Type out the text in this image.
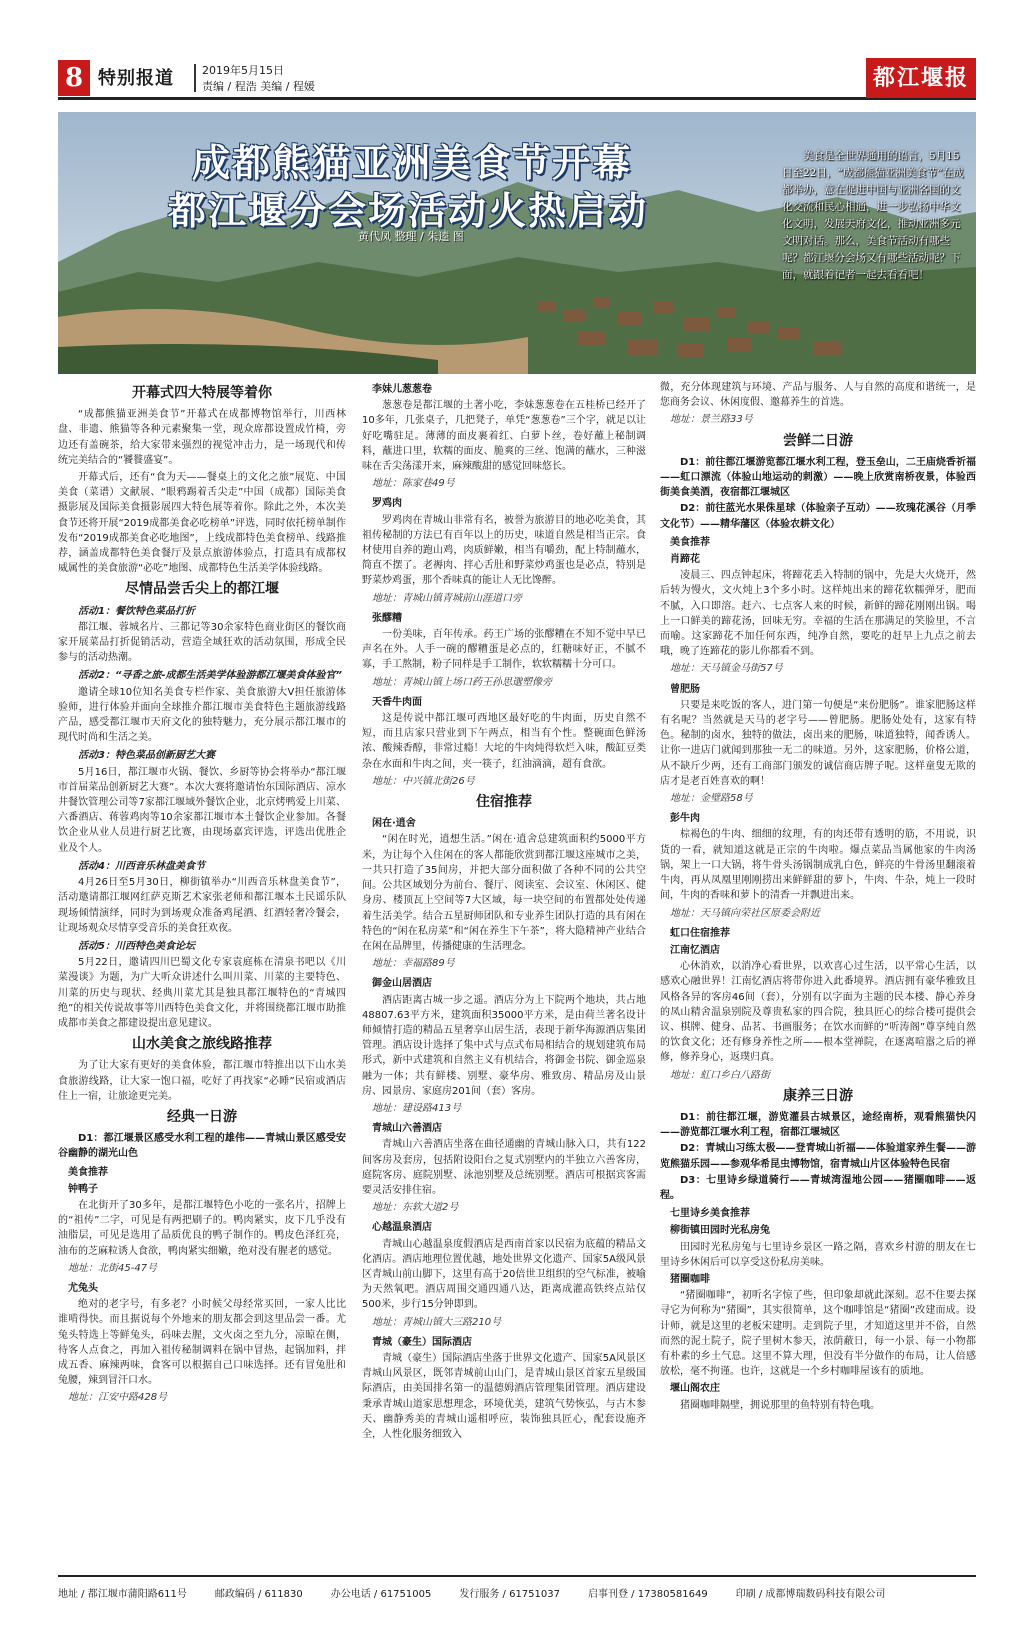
8 特别报道	2019年5月15日
责编 / 程浩 美编 / 程媛	都江堰报
成都熊猫亚洲美食节开幕
都江堰分会场活动火热启动
黄代凤 整理 / 朱逵 图
美食是全世界通用的语言，5月15日至22日，“成都熊猫亚洲美食节”在成都举办，意在促进中国与亚洲各国的文化交流和民心相通，进一步弘扬中华文化文明，发展天府文化，推动亚洲多元文明对话。那么，美食节活动有哪些呢？都江堰分会场又有哪些活动呢？下面，就跟着记者一起去看看吧！
开幕式四大特展等着你

“成都熊猫亚洲美食节”开幕式在成都博物馆举行，川西林盘、非遗、熊猫等各种元素聚集一堂，现众席都设置成竹椅，旁边还有盖碗茶，给大家带来强烈的视觉冲击力，是一场现代和传统完美结合的“饕餮盛宴”。

开幕式后，还有“食为天——餐桌上的文化之旅”展览、中国美食（菜谱）文献展、“眼鸦踢着舌尖走”中国（成都）国际美食摄影展及国际美食摄影展四大特色展等着你。除此之外，本次美食节还将开展“2019成都美食必吃榜单”评选，同时依托榜单制作发布“2019成都美食必吃地图”，上线成都特色美食榜单、线路推荐，涵盖成都特色美食餐厅及景点旅游体验点，打造具有成都权威属性的美食旅游“必吃”地图、成都特色生活美学体验线路。

尽情品尝舌尖上的都江堰
活动1：餐饮特色菜品打折

都江堰、蓉城名片、三都记等30余家特色商业街区的餐饮商家开展菜品打折促销活动，营造全域狂欢的活动氛围，形成全民参与的活动热潮。

活动2：“寻香之旅-成都生活美学体验游都江堰美食体验官”

邀请全球10位知名美食专栏作家、美食旅游大V担任旅游体验师，进行体验并面向全球推介都江堰市美食特色主题旅游线路产品，感受都江堰市天府文化的独特魅力，充分展示都江堰市的现代时尚和生活之美。

活动3：特色菜品创新厨艺大赛

5月16日，都江堰市火锅、餐饮、乡厨等协会将举办“都江堰市首届菜品创新厨艺大赛”。本次大赛将邀请怡东国际酒店、凉水井餐饮管理公司等7家都江堰域外餐饮企业，北京烤鸭爱上川菜、六番酒店、蒋蓉鸡肉等10余家都江堰市本土餐饮企业参加。各餐饮企业从业人员进行厨艺比赛，由现场嘉宾评选，评选出优胜企业及个人。

活动4：川西音乐林盘美食节

4月26日至5月30日，柳街镇举办“川西音乐林盘美食节”，活动邀请都江堰网红萨克斯艺术家张老师和都江堰本土民谣乐队现场倾情演绎，同时为到场观众准备鸡尾酒、红酒轻奢冷餐会，让现场观众尽情享受音乐的美食狂欢夜。

活动5：川西特色美食论坛

5月22日，邀请四川巴蜀文化专家袁庭栋在清泉书吧以《川菜漫谈》为题，为广大听众讲述什么叫川菜、川菜的主要特色、川菜的历史与现状、经典川菜尤其是独具都江堰特色的“青城四绝”的相关传说故事等川西特色美食文化，并将围绕都江堰市助推成都市美食之都建设提出意见建议。

山水美食之旅线路推荐

为了让大家有更好的美食体验，都江堰市特推出以下山水美食旅游线路，让大家一饱口福，吃好了再找家“必睡”民宿或酒店住上一宿，让旅途更完美。

经典一日游
D1：都江堰景区感受水利工程的雄伟——青城山景区感受安谷幽静的湖光山色
美食推荐
钟鸭子

在北街开了30多年，是都江堰特色小吃的一张名片，招牌上的“祖传”二字，可见是有两把刷子的。鸭肉紧实，皮下几乎没有油脂层，可见是选用了品质优良的鸭子制作的。鸭皮色泽红亮，油布的芝麻粒诱人食欲，鸭肉紧实细嫩，绝对没有腥老的感觉。

地址：北街45-47号
尤兔头

绝对的老字号，有多老？小时候父母经常买回，一家人比比谁啃得快。而且据说每个外地来的朋友都会到这里品尝一番。尤兔头特选上等鲜兔头，码味去腥，文火卤之至九分，凉晾在侧，待客人点食之，再加入祖传秘制调料在锅中冒热，起锅加料，拌成五香、麻辣两味，食客可以根据自己口味选择。还有冒兔肚和兔腰，辣到冒汗口水。

地址：江安中路428号
李妹儿葱葱卷

葱葱卷是都江堰的土著小吃，李妹葱葱卷在五桂桥已经开了10多年，几张桌子，几把凳子，单凭“葱葱卷”三个字，就足以让好吃嘴驻足。薄薄的面皮裹着红、白萝卜丝，卷好蘸上秘制调料，蘸进口里，软糯的面皮、脆爽的三丝、饱满的蘸水，三种滋味在舌尖荡漾开来，麻辣酸甜的感觉回味悠长。

地址：陈家巷49号
罗鸡肉

罗鸡肉在青城山非常有名，被誉为旅游目的地必吃美食，其祖传秘制的方法已有百年以上的历史，味道自然是相当正宗。食材使用自养的跑山鸡，肉质鲜嫩，相当有嚼劲，配上特制蘸水，简直不摆了。老褥肉、拌心舌肚和野菜炒鸡蛋也是必点，特别是野菜炒鸡蛋，那个香味真的能让人无比馋醉。

地址：青城山镇青城前山涯道口旁
张醪糟

一份美味，百年传承。药王广场的张醪糟在不知不觉中早已声名在外。人手一碗的醪糟蛋是必点的，红糖味好正，不腻不寡，手工熬制，粉子同样是手工制作，软软糯糯十分可口。

地址：青城山镇上场口药王孙思邈塑像旁
天香牛肉面

这是传说中都江堰可西地区最好吃的牛肉面，历史自然不短，而且店家只营业到下午两点，相当有个性。整碗面色鲜汤浓、酸辣香醇，非常过瘾！大坨的牛肉炖得软烂入味，酸缸豆类杂在水面和牛肉之间，夹一筷子，红油滴滴，超有食欲。

地址：中兴镇北街26号
住宿推荐
闲在·逍舍

“闲在时光，逍想生活。”闲在·逍舍总建筑面积约5000平方米，为让每个入住闲在的客人都能欣赏到都江堰这座城市之美，一共只打造了35间房，并把大部分面积做了各种不同的公共空间。公共区域划分为前台、餐厅、阅读室、会议室、休闲区、健身房、楼顶瓦上空间等7大区域，每一块空间的布置都处处传递着生活美学。结合五星厨师团队和专业养生团队打造的具有闲在特色的“闲在私房菜”和“闲在养生下午茶”，将大隐精神产业结合在闲在品牌里，传播健康的生活理念。

地址：幸福路89号
御金山居酒店

酒店距离古城一步之遥。酒店分为上下院两个地块，共占地48807.63平方米，建筑面积35000平方米，是由荷兰著名设计师倾情打造的精品五星奢享山居生活，表现于新华海源酒店集团管理。酒店设计选择了集中式与点式布局相结合的规划建筑布局形式，新中式建筑和自然主义有机结合，将御金书院、御金巡泉融为一体；共有鲜楼、别墅、豪华房、雅致房、精品房及山景房、园景房、家庭房201间（套）客房。

地址：建设路413号
青城山六善酒店

青城山六善酒店坐落在曲径通幽的青城山脉入口，共有122间客房及套房，包括附设阳台之复式别墅内的半独立六善客房，庭院客房、庭院别墅、泳池别墅及总统别墅。酒店可根据宾客需要灵活安排住宿。

地址：东软大道2号
心越温泉酒店

青城山心越温泉度假酒店是西南首家以民宿为底蕴的精品文化酒店。酒店地理位置优越，地处世界文化遗产、国家5A级风景区青城山前山脚下，这里有高于20倍世卫组织的空气标准，被喻为天然氧吧。酒店周围交通四通八达，距离成灌高铁终点站仅500米，步行15分钟即到。

地址：青城山镇大三路210号
青城（豪生）国际酒店

青城（豪生）国际酒店坐落于世界文化遗产、国家5A风景区青城山风景区，既邻青城前山山门，是青城山景区首家五星级国际酒店，由美国排名第一的温德姆酒店管理集团管理。酒店建设秉承青城山道家思想理念，环境优美，建筑气势恢弘，与古木参天、幽静秀美的青城山遥相呼应，装饰独具匠心，配套设施齐全，人性化服务细致入

微，充分体现建筑与环境、产品与服务、人与自然的高度和谐统一，是您商务会议、休闲度假、邀幕养生的首选。

地址：景兰路33号
尝鲜二日游
D1：前往都江堰游览都江堰水利工程，登玉垒山，二王庙烧香祈福——虹口漂流（体验山地运动的刺激）——晚上欣赏南桥夜景，体验西街美食美酒，夜宿都江堰城区
D2：前往蓝光水果侏星球（体验亲子互动）——玫瑰花溪谷（月季文化节）——精华藩区（体验农耕文化）
美食推荐
肖蹄花

凌晨三、四点钟起床，将蹄花丢入特制的锅中，先是大火烧开，然后转为慢火，文火炖上3个多小时。这样炖出来的蹄花软糯弹牙，肥而不腻，入口即溶。赶六、七点客人来的时候，新鲜的蹄花刚刚出锅。喝上一口鲜美的蹄花汤，回味无穷。幸福的生活在那满足的笑脸里，不言而喻。这家蹄花不加任何东西，纯净自然，要吃的赶早上九点之前去哦，晚了连蹄花的影儿你都看不到。

地址：天马镇金马街57号
曾肥肠

只要是来吃饭的客人，进门第一句便是“来份肥肠”。谁家肥肠这样有名呢？当然就是天马的老字号——曾肥肠。肥肠处处有，这家有特色。秘制的卤水，独特的做法，卤出来的肥肠，味道独特，闻香诱人。让你一进店门就闻到那独一无二的味道。另外，这家肥肠，价格公道，从不缺斤少两，还有工商部门颁发的诚信商店牌子呢。这样童叟无欺的店才是老百姓喜欢的啊！

地址：金璧路58号
彭牛肉

棕褐色的牛肉、细细的纹理，有的肉还带有透明的筋，不用说，识货的一看，就知道这就是正宗的牛肉啦。爆点菜品当属他家的牛肉汤锅，架上一口大锅，将牛骨头汤锅制成乳白色，鲜亮的牛骨汤里翻滚着牛肉，再从凤凰里刚刚捞出来鲜鲜甜的萝卜，牛肉、牛杂，炖上一段时间，牛肉的香味和萝卜的清香一并飘进出来。

地址：天马镇向荣社区原委会附近
虹口住宿推荐
江南忆酒店

心休消欢，以消净心看世界，以欢喜心过生活，以平常心生活，以感欢心融世界！江南忆酒店将带你进入此番境界。酒店拥有豪华雅致且风格各异的客房46间（套），分别有以字面为主题的民本楼、静心养身的凤山精舍温泉别院及尊贵私家的四合院，独具匠心的综合楼可提供会议、棋牌、健身、品茗、书画服务；在饮水而鲜的“听涛阁”尊享纯自然的饮食文化；还有修身养性之所——根本堂禅院，在逐离喧嚣之后的禅修，修养身心，返璞归真。

地址：虹口乡白八路街
康养三日游
D1：前往都江堰，游览灌县古城景区，途经南桥，观看熊猫快闪——游览都江堰水利工程，宿都江堰城区
D2：青城山习练太极——登青城山祈福——体验道家养生餐——游览熊猫乐园——参观华希昆虫博物馆，宿青城山片区体验特色民宿
D3：七里诗乡绿道骑行——青城湾湿地公园——猪圈咖啡——返程。
七里诗乡美食推荐
柳街镇田园时光私房兔

田园时光私房兔与七里诗乡景区一路之隔，喜欢乡村游的朋友在七里诗乡休闲后可以享受这份私房美味。

猪圈咖啡

“猪圈咖啡”，初听名字惊了些，但印象却就此深刻。忍不住要去探寻它为何称为“猪圈”，其实很简单，这个咖啡馆是“猪圈”改建而成。设计师，就是这里的老板宋建明。走到院子里，才知道这里并不俗，自然而然的泥土院子，院子里树木参天，浓荫蔽日，每一小景、每一小物都有朴素的乡土气息。这里不算大理，但没有半分做作的布局，让人倍感放松，毫不拘谨。也许，这就是一个乡村咖啡屋该有的质地。

堰山阁农庄

猪圈咖啡隔壁，拥说那里的鱼特别有特色哦。

地址 / 都江堰市蒲阳路611号	邮政编码 / 611830	办公电话 / 61751005	发行服务 / 61751037	启事刊登 / 17380581649	印刷 / 成都博瑞数码科技有限公司
